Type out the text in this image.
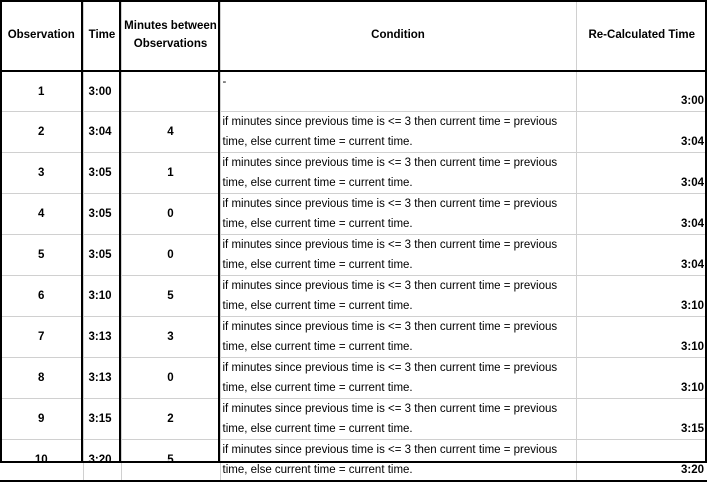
Observation	Time	Minutes between Observations	Condition	Re-Calculated Time
1	3:00		-	3:00
2	3:04	4	if minutes since previous time is <= 3 then current time = previous time, else current time = current time.	3:04
3	3:05	1	if minutes since previous time is <= 3 then current time = previous time, else current time = current time.	3:04
4	3:05	0	if minutes since previous time is <= 3 then current time = previous time, else current time = current time.	3:04
5	3:05	0	if minutes since previous time is <= 3 then current time = previous time, else current time = current time.	3:04
6	3:10	5	if minutes since previous time is <= 3 then current time = previous time, else current time = current time.	3:10
7	3:13	3	if minutes since previous time is <= 3 then current time = previous time, else current time = current time.	3:10
8	3:13	0	if minutes since previous time is <= 3 then current time = previous time, else current time = current time.	3:10
9	3:15	2	if minutes since previous time is <= 3 then current time = previous time, else current time = current time.	3:15
10	3:20	5	if minutes since previous time is <= 3 then current time = previous time, else current time = current time.	3:20
